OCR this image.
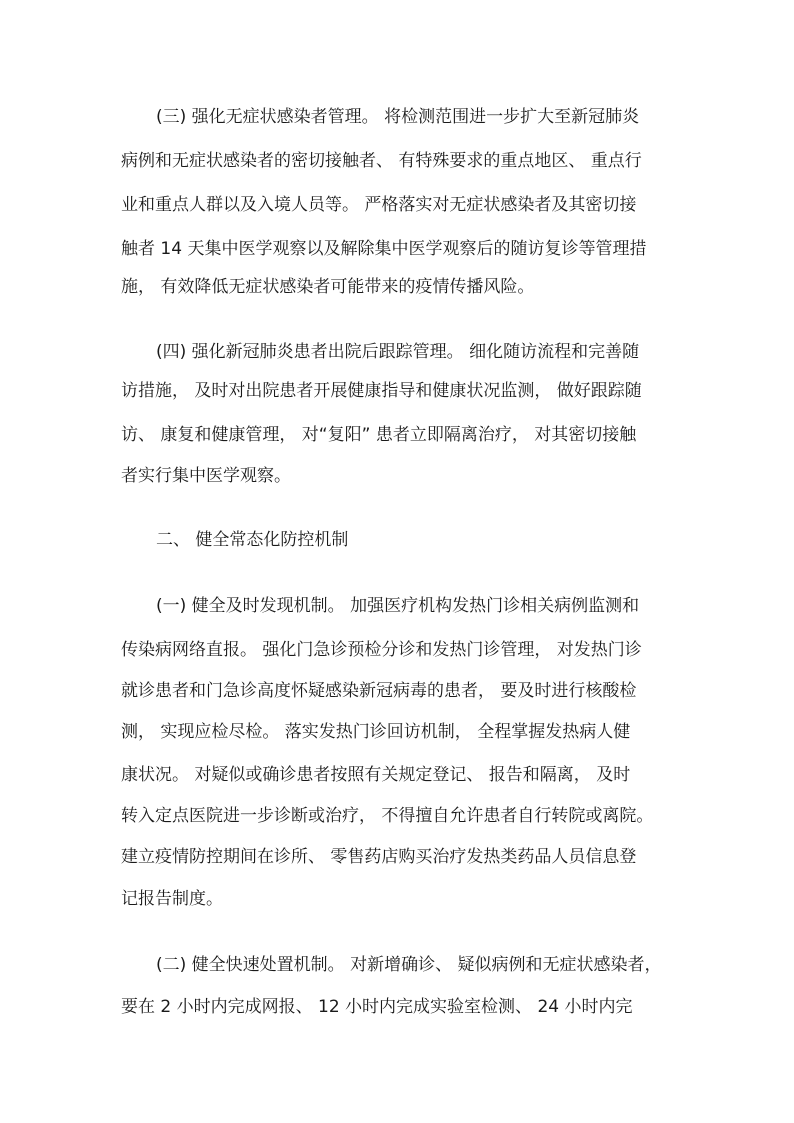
(三) 强化无症状感染者管理。 将检测范围进一步扩大至新冠肺炎
病例和无症状感染者的密切接触者、 有特殊要求的重点地区、 重点行
业和重点人群以及入境人员等。 严格落实对无症状感染者及其密切接
触者 14 天集中医学观察以及解除集中医学观察后的随访复诊等管理措
施， 有效降低无症状感染者可能带来的疫情传播风险。
(四) 强化新冠肺炎患者出院后跟踪管理。 细化随访流程和完善随
访措施， 及时对出院患者开展健康指导和健康状况监测， 做好跟踪随
访、 康复和健康管理， 对“复阳” 患者立即隔离治疗， 对其密切接触
者实行集中医学观察。
二、 健全常态化防控机制
(一) 健全及时发现机制。 加强医疗机构发热门诊相关病例监测和
传染病网络直报。 强化门急诊预检分诊和发热门诊管理， 对发热门诊
就诊患者和门急诊高度怀疑感染新冠病毒的患者， 要及时进行核酸检
测， 实现应检尽检。 落实发热门诊回访机制， 全程掌握发热病人健
康状况。 对疑似或确诊患者按照有关规定登记、 报告和隔离， 及时
转入定点医院进一步诊断或治疗， 不得擅自允许患者自行转院或离院。
建立疫情防控期间在诊所、 零售药店购买治疗发热类药品人员信息登
记报告制度。
(二) 健全快速处置机制。 对新增确诊、 疑似病例和无症状感染者，
要在 2 小时内完成网报、 12 小时内完成实验室检测、 24 小时内完
